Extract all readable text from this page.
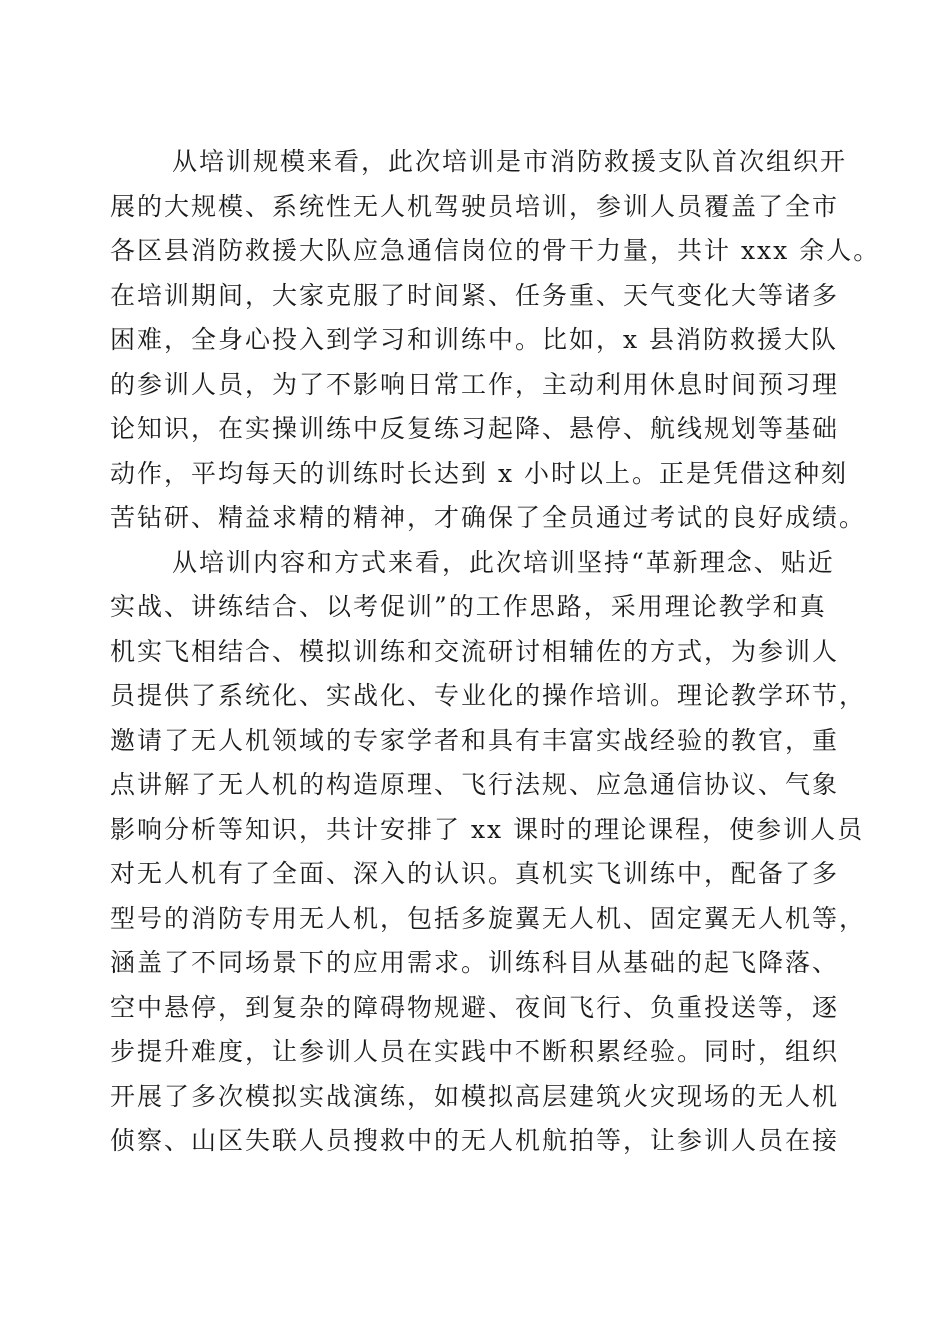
从培训规模来看，此次培训是市消防救援支队首次组织开
展的大规模、系统性无人机驾驶员培训，参训人员覆盖了全市
各区县消防救援大队应急通信岗位的骨干力量，共计 xxx 余人。
在培训期间，大家克服了时间紧、任务重、天气变化大等诸多
困难，全身心投入到学习和训练中。比如，x 县消防救援大队
的参训人员，为了不影响日常工作，主动利用休息时间预习理
论知识，在实操训练中反复练习起降、悬停、航线规划等基础
动作，平均每天的训练时长达到 x 小时以上。正是凭借这种刻
苦钻研、精益求精的精神，才确保了全员通过考试的良好成绩。
从培训内容和方式来看，此次培训坚持“革新理念、贴近
实战、讲练结合、以考促训”的工作思路，采用理论教学和真
机实飞相结合、模拟训练和交流研讨相辅佐的方式，为参训人
员提供了系统化、实战化、专业化的操作培训。理论教学环节，
邀请了无人机领域的专家学者和具有丰富实战经验的教官，重
点讲解了无人机的构造原理、飞行法规、应急通信协议、气象
影响分析等知识，共计安排了 xx 课时的理论课程，使参训人员
对无人机有了全面、深入的认识。真机实飞训练中，配备了多
型号的消防专用无人机，包括多旋翼无人机、固定翼无人机等，
涵盖了不同场景下的应用需求。训练科目从基础的起飞降落、
空中悬停，到复杂的障碍物规避、夜间飞行、负重投送等，逐
步提升难度，让参训人员在实践中不断积累经验。同时，组织
开展了多次模拟实战演练，如模拟高层建筑火灾现场的无人机
侦察、山区失联人员搜救中的无人机航拍等，让参训人员在接
